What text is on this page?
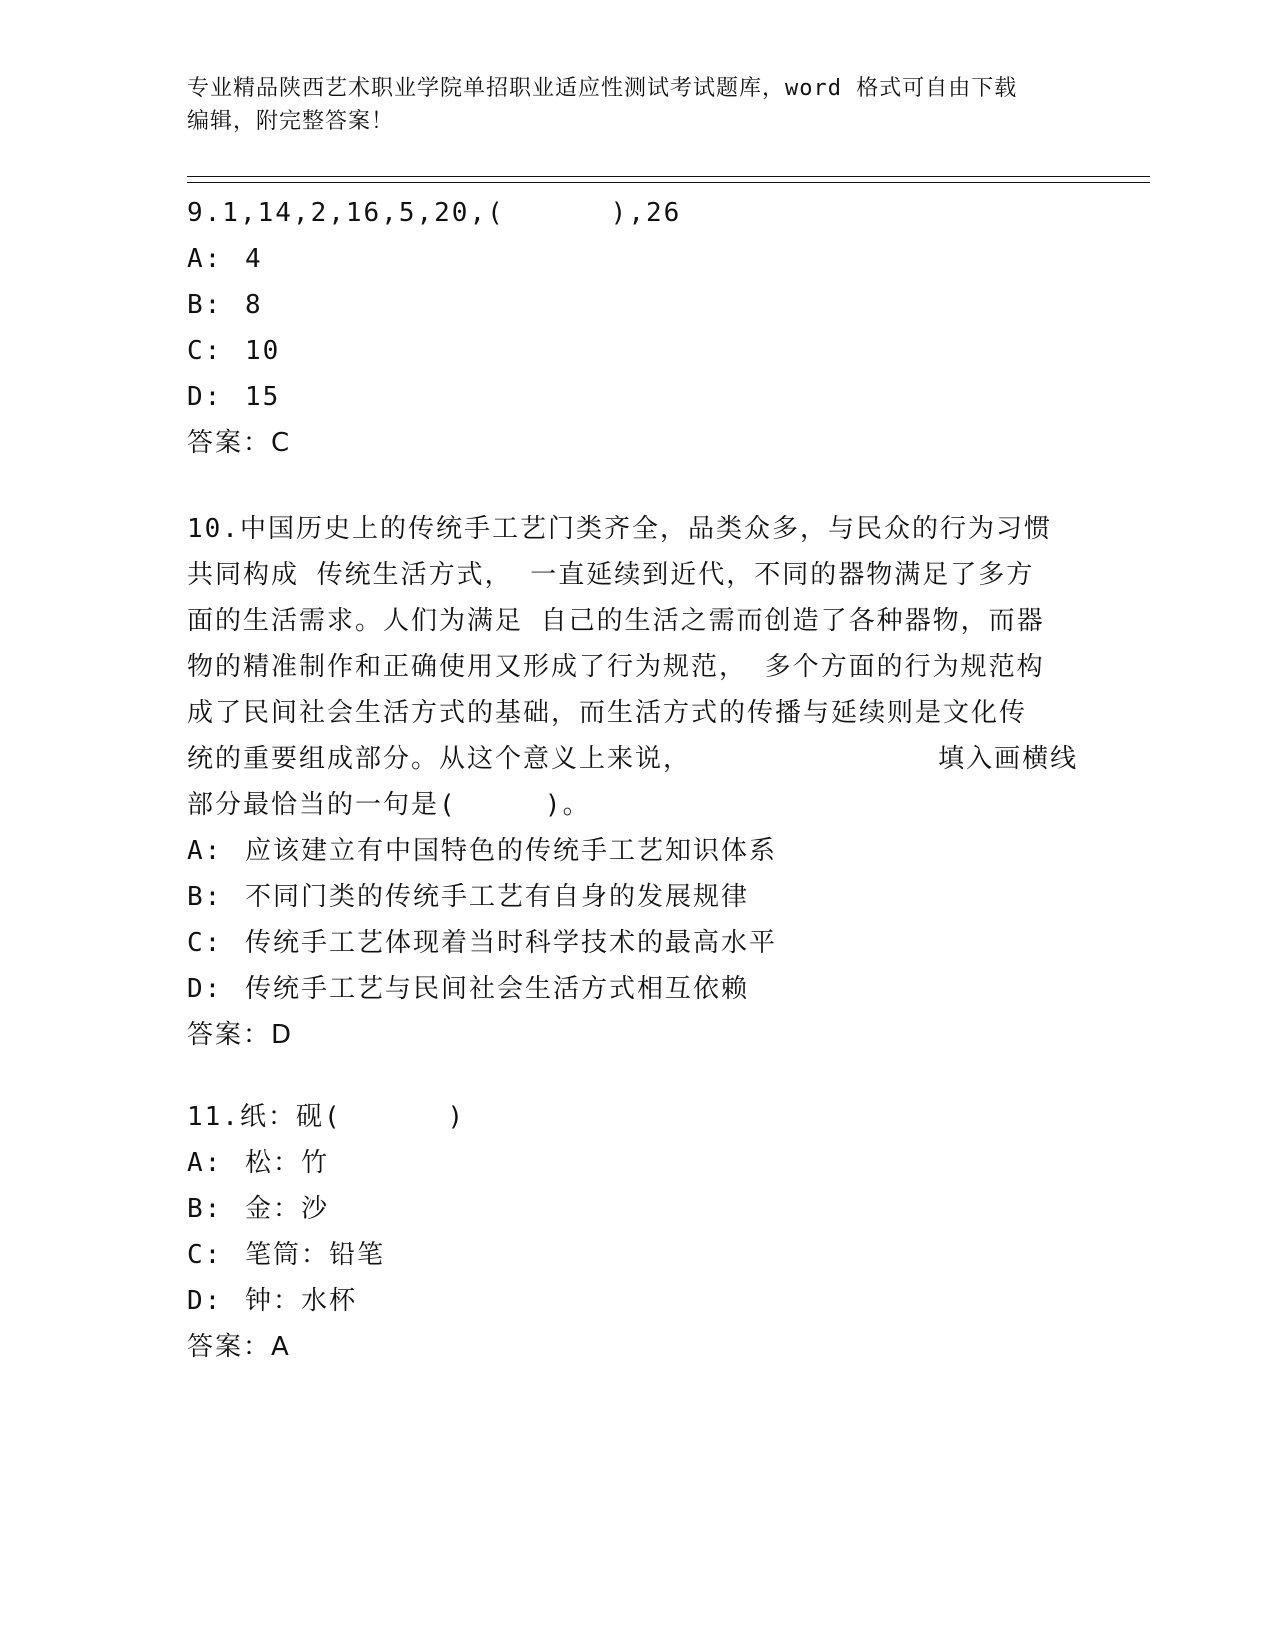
专业精品陕西艺术职业学院单招职业适应性测试考试题库，word 格式可自由下载
编辑，附完整答案！
9.1,14,2,16,5,20,(      ),26
A: 4
B: 8
C: 10
D: 15
答案：C
10.中国历史上的传统手工艺门类齐全，品类众多，与民众的行为习惯
共同构成 传统生活方式， 一直延续到近代，不同的器物满足了多方
面的生活需求。人们为满足 自己的生活之需而创造了各种器物，而器
物的精准制作和正确使用又形成了行为规范， 多个方面的行为规范构
成了民间社会生活方式的基础，而生活方式的传播与延续则是文化传
统的重要组成部分。从这个意义上来说，              填入画横线
部分最恰当的一句是(     )。
A: 应该建立有中国特色的传统手工艺知识体系
B: 不同门类的传统手工艺有自身的发展规律
C: 传统手工艺体现着当时科学技术的最高水平
D: 传统手工艺与民间社会生活方式相互依赖
答案：D
11.纸：砚(      )
A: 松：竹
B: 金：沙
C: 笔筒：铅笔
D: 钟：水杯
答案：A
